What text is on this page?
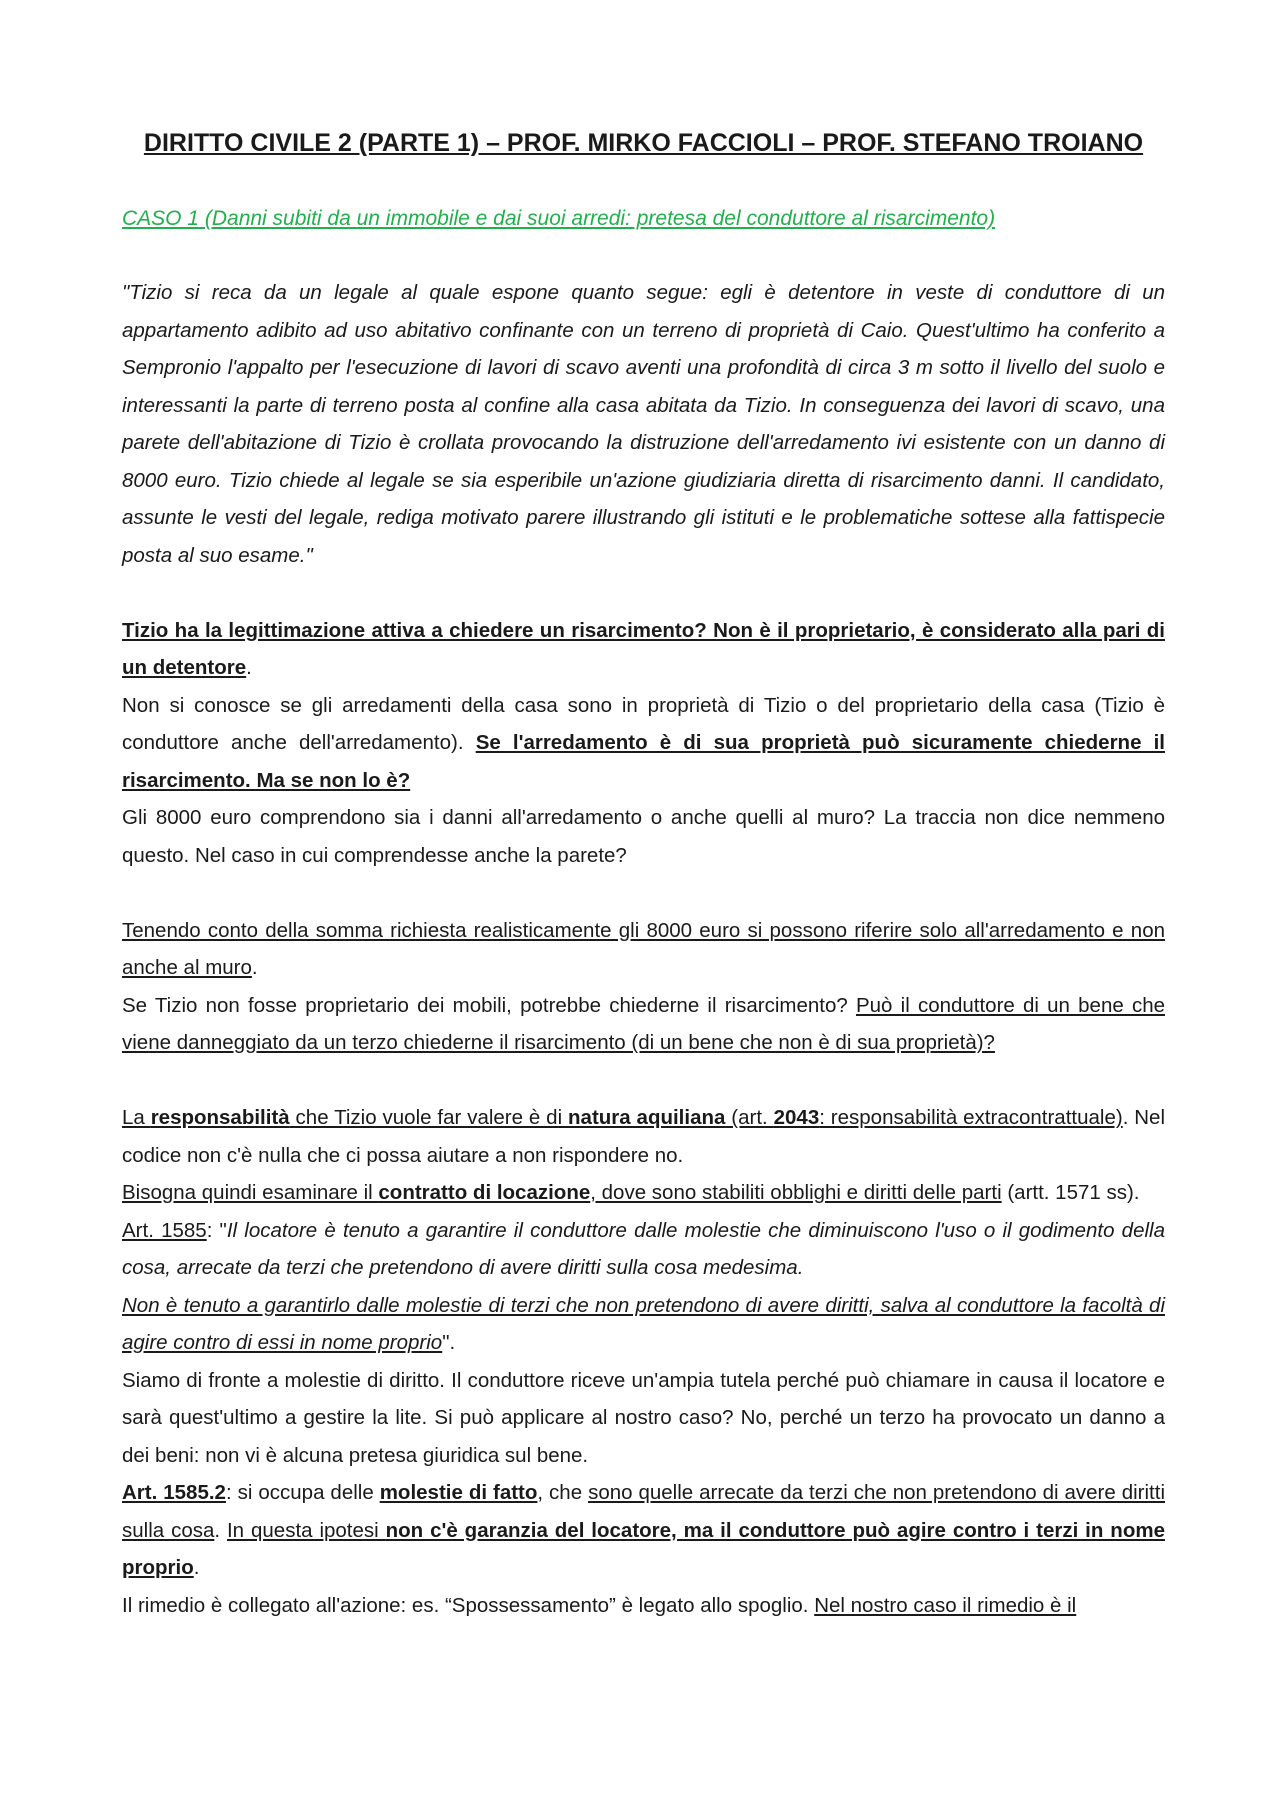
DIRITTO CIVILE 2 (PARTE 1) – PROF. MIRKO FACCIOLI – PROF. STEFANO TROIANO
CASO 1 (Danni subiti da un immobile e dai suoi arredi: pretesa del conduttore al risarcimento)

"Tizio si reca da un legale al quale espone quanto segue: egli è detentore in veste di conduttore di un appartamento adibito ad uso abitativo confinante con un terreno di proprietà di Caio. Quest'ultimo ha conferito a Sempronio l'appalto per l'esecuzione di lavori di scavo aventi una profondità di circa 3 m sotto il livello del suolo e interessanti la parte di terreno posta al confine alla casa abitata da Tizio. In conseguenza dei lavori di scavo, una parete dell'abitazione di Tizio è crollata provocando la distruzione dell'arredamento ivi esistente con un danno di 8000 euro. Tizio chiede al legale se sia esperibile un'azione giudiziaria diretta di risarcimento danni. Il candidato, assunte le vesti del legale, rediga motivato parere illustrando gli istituti e le problematiche sottese alla fattispecie posta al suo esame."

Tizio ha la legittimazione attiva a chiedere un risarcimento? Non è il proprietario, è considerato alla pari di un detentore.

Non si conosce se gli arredamenti della casa sono in proprietà di Tizio o del proprietario della casa (Tizio è conduttore anche dell'arredamento). Se l'arredamento è di sua proprietà può sicuramente chiederne il risarcimento. Ma se non lo è?

Gli 8000 euro comprendono sia i danni all'arredamento o anche quelli al muro? La traccia non dice nemmeno questo. Nel caso in cui comprendesse anche la parete?

Tenendo conto della somma richiesta realisticamente gli 8000 euro si possono riferire solo all'arredamento e non anche al muro.

Se Tizio non fosse proprietario dei mobili, potrebbe chiederne il risarcimento? Può il conduttore di un bene che viene danneggiato da un terzo chiederne il risarcimento (di un bene che non è di sua proprietà)?

La responsabilità che Tizio vuole far valere è di natura aquiliana (art. 2043: responsabilità extracontrattuale). Nel codice non c'è nulla che ci possa aiutare a non rispondere no.

Bisogna quindi esaminare il contratto di locazione, dove sono stabiliti obblighi e diritti delle parti (artt. 1571 ss).

Art. 1585: "Il locatore è tenuto a garantire il conduttore dalle molestie che diminuiscono l'uso o il godimento della cosa, arrecate da terzi che pretendono di avere diritti sulla cosa medesima.

Non è tenuto a garantirlo dalle molestie di terzi che non pretendono di avere diritti, salva al conduttore la facoltà di agire contro di essi in nome proprio".

Siamo di fronte a molestie di diritto. Il conduttore riceve un'ampia tutela perché può chiamare in causa il locatore e sarà quest'ultimo a gestire la lite. Si può applicare al nostro caso? No, perché un terzo ha provocato un danno a dei beni: non vi è alcuna pretesa giuridica sul bene.

Art. 1585.2: si occupa delle molestie di fatto, che sono quelle arrecate da terzi che non pretendono di avere diritti sulla cosa. In questa ipotesi non c'è garanzia del locatore, ma il conduttore può agire contro i terzi in nome proprio.

Il rimedio è collegato all'azione: es. “Spossessamento” è legato allo spoglio. Nel nostro caso il rimedio è il
